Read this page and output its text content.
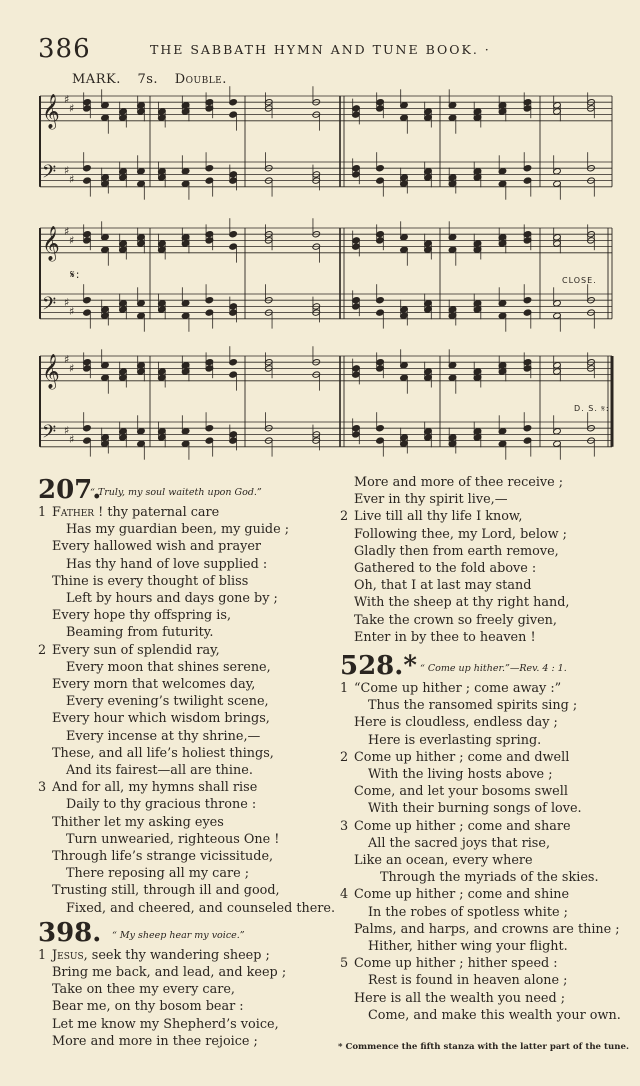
386	THE SABBATH HYMN AND TUNE BOOK. ·
MARK. 7s. Double.
𝄞 ♯
♯
𝄢 ♯
♯
𝄞 ♯
♯
𝄢 ♯
♯
𝄞 ♯
♯
𝄢 ♯
♯
𝄋:	CLOSE.
D. S. 𝄋:
207.
“ Truly, my soul waiteth upon God.”
1 Father ! thy paternal care
Has my guardian been, my guide ;
Every hallowed wish and prayer
Has thy hand of love supplied :
Thine is every thought of bliss
Left by hours and days gone by ;
Every hope thy offspring is,
Beaming from futurity.
2 Every sun of splendid ray,
Every moon that shines serene,
Every morn that welcomes day,
Every evening’s twilight scene,
Every hour which wisdom brings,
Every incense at thy shrine,—
These, and all life’s holiest things,
And its fairest—all are thine.
3 And for all, my hymns shall rise
Daily to thy gracious throne :
Thither let my asking eyes
Turn unwearied, righteous One !
Through life’s strange vicissitude,
There reposing all my care ;
Trusting still, through ill and good,
Fixed, and cheered, and counseled there.
398. “ My sheep hear my voice.”
1 Jesus, seek thy wandering sheep ;
Bring me back, and lead, and keep ;
Take on thee my every care,
Bear me, on thy bosom bear :
Let me know my Shepherd’s voice,
More and more in thee rejoice ;
More and more of thee receive ;
Ever in thy spirit live,—
2 Live till all thy life I know,
Following thee, my Lord, below ;
Gladly then from earth remove,
Gathered to the fold above :
Oh, that I at last may stand
With the sheep at thy right hand,
Take the crown so freely given,
Enter in by thee to heaven !
528.* “ Come up hither.”—Rev. 4 : 1.
1 “Come up hither ; come away :”
Thus the ransomed spirits sing ;
Here is cloudless, endless day ;
Here is everlasting spring.
2 Come up hither ; come and dwell
With the living hosts above ;
Come, and let your bosoms swell
With their burning songs of love.
3 Come up hither ; come and share
All the sacred joys that rise,
Like an ocean, every where
Through the myriads of the skies.
4 Come up hither ; come and shine
In the robes of spotless white ;
Palms, and harps, and crowns are thine ;
Hither, hither wing your flight.
5 Come up hither ; hither speed :
Rest is found in heaven alone ;
Here is all the wealth you need ;
Come, and make this wealth your own.
* Commence the fifth stanza with the latter part of the tune.
